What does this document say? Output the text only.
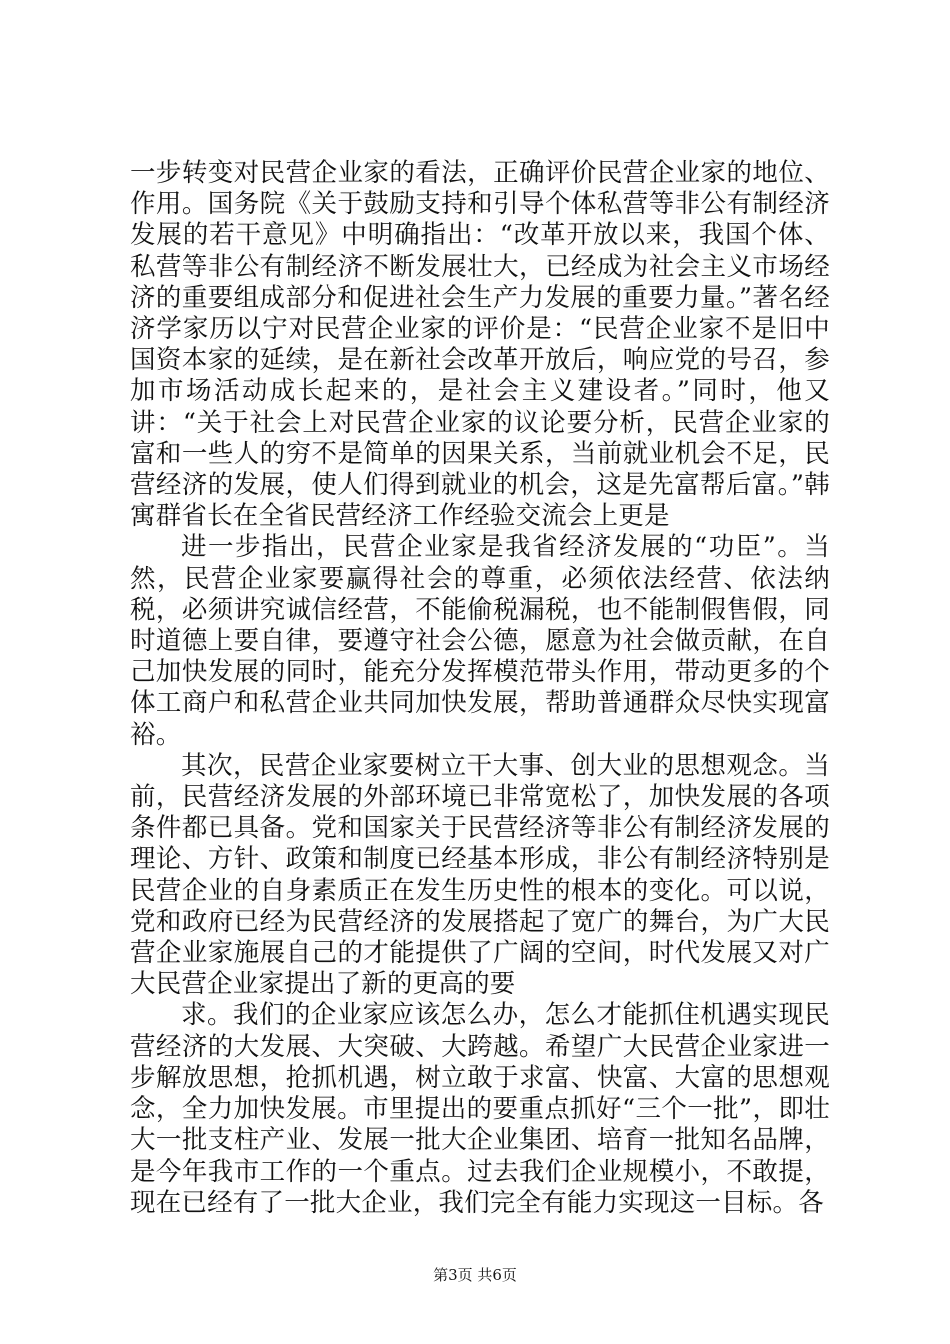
一步转变对民营企业家的看法，正确评价民营企业家的地位、作用。国务院《关于鼓励支持和引导个体私营等非公有制经济发展的若干意见》中明确指出：“改革开放以来，我国个体、私营等非公有制经济不断发展壮大，已经成为社会主义市场经济的重要组成部分和促进社会生产力发展的重要力量。”著名经济学家历以宁对民营企业家的评价是：“民营企业家不是旧中国资本家的延续，是在新社会改革开放后，响应党的号召，参加市场活动成长起来的，是社会主义建设者。”同时，他又讲：“关于社会上对民营企业家的议论要分析，民营企业家的富和一些人的穷不是简单的因果关系，当前就业机会不足，民营经济的发展，使人们得到就业的机会，这是先富帮后富。”韩寓群省长在全省民营经济工作经验交流会上更是

进一步指出，民营企业家是我省经济发展的“功臣”。当然，民营企业家要赢得社会的尊重，必须依法经营、依法纳税，必须讲究诚信经营，不能偷税漏税，也不能制假售假，同时道德上要自律，要遵守社会公德，愿意为社会做贡献，在自己加快发展的同时，能充分发挥模范带头作用，带动更多的个体工商户和私营企业共同加快发展，帮助普通群众尽快实现富裕。

其次，民营企业家要树立干大事、创大业的思想观念。当前，民营经济发展的外部环境已非常宽松了，加快发展的各项条件都已具备。党和国家关于民营经济等非公有制经济发展的理论、方针、政策和制度已经基本形成，非公有制经济特别是民营企业的自身素质正在发生历史性的根本的变化。可以说，党和政府已经为民营经济的发展搭起了宽广的舞台，为广大民营企业家施展自己的才能提供了广阔的空间，时代发展又对广大民营企业家提出了新的更高的要

求。我们的企业家应该怎么办，怎么才能抓住机遇实现民营经济的大发展、大突破、大跨越。希望广大民营企业家进一步解放思想，抢抓机遇，树立敢于求富、快富、大富的思想观念，全力加快发展。市里提出的要重点抓好“三个一批”，即壮大一批支柱产业、发展一批大企业集团、培育一批知名品牌，是今年我市工作的一个重点。过去我们企业规模小，不敢提，现在已经有了一批大企业，我们完全有能力实现这一目标。各

第3页 共6页
